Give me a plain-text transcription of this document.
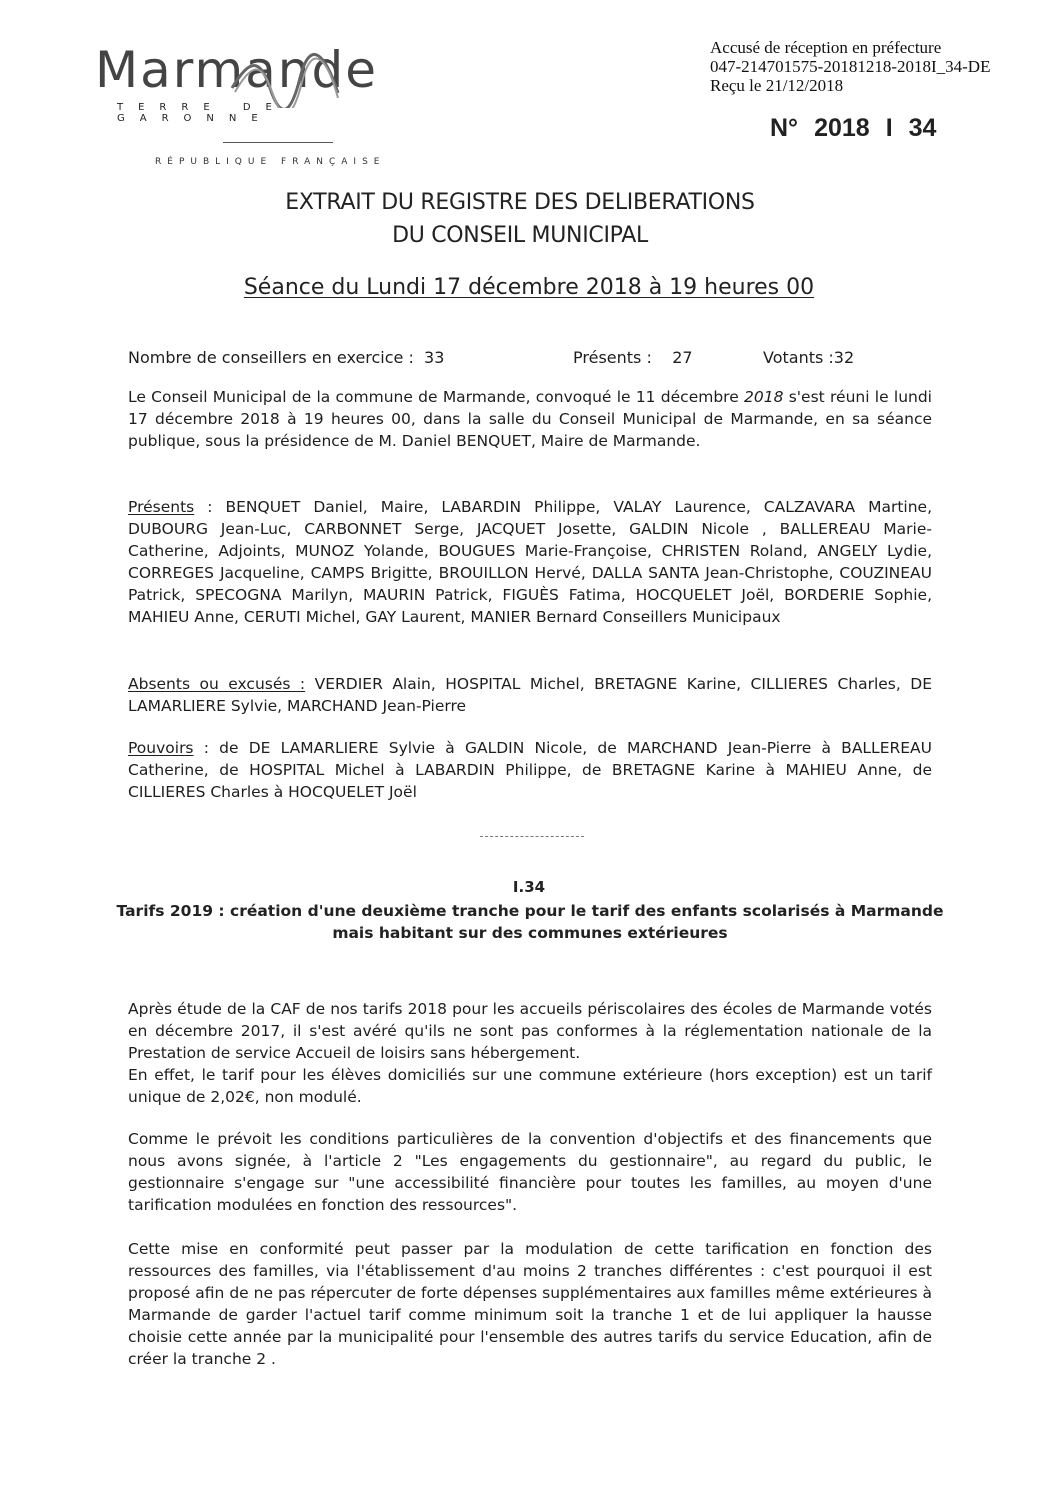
Marmande
TERRE DE GARONNE
RÉPUBLIQUE FRANÇAISE
Accusé de réception en préfecture
047-214701575-20181218-2018I_34-DE
Reçu le 21/12/2018
N° 2018 I 34
EXTRAIT DU REGISTRE DES DELIBERATIONS
DU CONSEIL MUNICIPAL
Séance du Lundi 17 décembre 2018 à 19 heures 00
Nombre de conseillers en exercice : 33	Présents : 27	Votants :32
Le Conseil Municipal de la commune de Marmande, convoqué le 11 décembre 2018 s'est réuni le lundi 17 décembre 2018 à 19 heures 00, dans la salle du Conseil Municipal de Marmande, en sa séance publique, sous la présidence de M. Daniel BENQUET, Maire de Marmande.
Présents : BENQUET Daniel, Maire, LABARDIN Philippe, VALAY Laurence, CALZAVARA Martine, DUBOURG Jean-Luc, CARBONNET Serge, JACQUET Josette, GALDIN Nicole , BALLEREAU Marie-Catherine, Adjoints, MUNOZ Yolande, BOUGUES Marie-Françoise, CHRISTEN Roland, ANGELY Lydie, CORREGES Jacqueline, CAMPS Brigitte, BROUILLON Hervé, DALLA SANTA Jean-Christophe, COUZINEAU Patrick, SPECOGNA Marilyn, MAURIN Patrick, FIGUÈS Fatima, HOCQUELET Joël, BORDERIE Sophie, MAHIEU Anne, CERUTI Michel, GAY Laurent, MANIER Bernard Conseillers Municipaux
Absents ou excusés : VERDIER Alain, HOSPITAL Michel, BRETAGNE Karine, CILLIERES Charles, DE LAMARLIERE Sylvie, MARCHAND Jean-Pierre
Pouvoirs : de DE LAMARLIERE Sylvie à GALDIN Nicole, de MARCHAND Jean-Pierre à BALLEREAU Catherine, de HOSPITAL Michel à LABARDIN Philippe, de BRETAGNE Karine à MAHIEU Anne, de CILLIERES Charles à HOCQUELET Joël
I.34
Tarifs 2019 : création d'une deuxième tranche pour le tarif des enfants scolarisés à Marmande
mais habitant sur des communes extérieures
Après étude de la CAF de nos tarifs 2018 pour les accueils périscolaires des écoles de Marmande votés en décembre 2017, il s'est avéré qu'ils ne sont pas conformes à la réglementation nationale de la Prestation de service Accueil de loisirs sans hébergement.
En effet, le tarif pour les élèves domiciliés sur une commune extérieure (hors exception) est un tarif unique de 2,02€, non modulé.
Comme le prévoit les conditions particulières de la convention d'objectifs et des financements que nous avons signée, à l'article 2 "Les engagements du gestionnaire", au regard du public, le gestionnaire s'engage sur "une accessibilité financière pour toutes les familles, au moyen d'une tarification modulées en fonction des ressources".
Cette mise en conformité peut passer par la modulation de cette tarification en fonction des ressources des familles, via l'établissement d'au moins 2 tranches différentes : c'est pourquoi il est proposé afin de ne pas répercuter de forte dépenses supplémentaires aux familles même extérieures à Marmande de garder l'actuel tarif comme minimum soit la tranche 1 et de lui appliquer la hausse choisie cette année par la municipalité pour l'ensemble des autres tarifs du service Education, afin de créer la tranche 2 .
